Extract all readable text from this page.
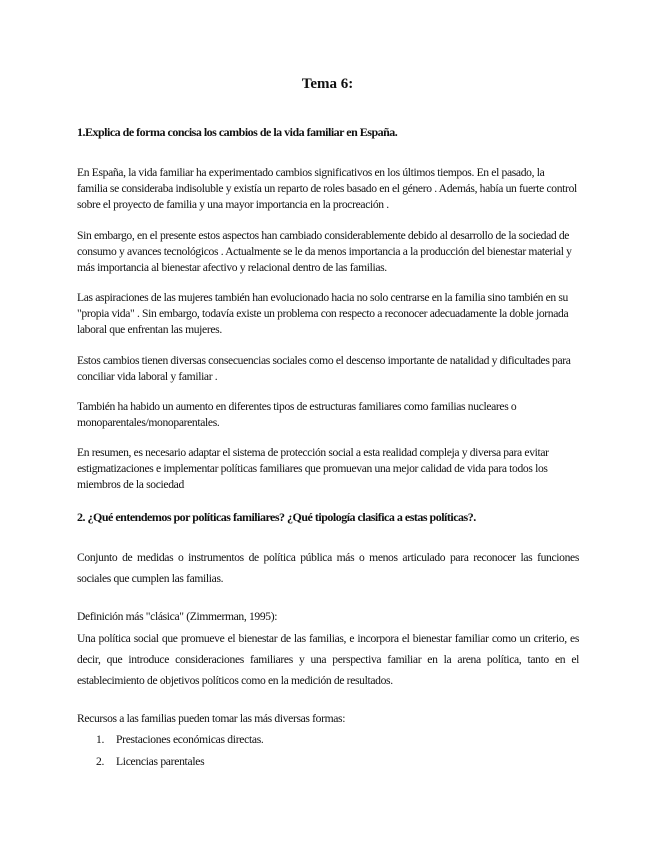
Tema 6:
1.Explica de forma concisa los cambios de la vida familiar en España.

En España, la vida familiar ha experimentado cambios significativos en los últimos tiempos. En el pasado, la familia se consideraba indisoluble y existía un reparto de roles basado en el género . Además, había un fuerte control sobre el proyecto de familia y una mayor importancia en la procreación .

Sin embargo, en el presente estos aspectos han cambiado considerablemente debido al desarrollo de la sociedad de consumo y avances tecnológicos . Actualmente se le da menos importancia a la producción del bienestar material y más importancia al bienestar afectivo y relacional dentro de las familias.

Las aspiraciones de las mujeres también han evolucionado hacia no solo centrarse en la familia sino también en su "propia vida" . Sin embargo, todavía existe un problema con respecto a reconocer adecuadamente la doble jornada laboral que enfrentan las mujeres.

Estos cambios tienen diversas consecuencias sociales como el descenso importante de natalidad y dificultades para conciliar vida laboral y familiar .

También ha habido un aumento en diferentes tipos de estructuras familiares como familias nucleares o monoparentales/monoparentales.

En resumen, es necesario adaptar el sistema de protección social a esta realidad compleja y diversa para evitar estigmatizaciones e implementar políticas familiares que promuevan una mejor calidad de vida para todos los miembros de la sociedad

2. ¿Qué entendemos por políticas familiares? ¿Qué tipología clasifica a estas políticas?.

Conjunto de medidas o instrumentos de política pública más o menos articulado para reconocer las funciones sociales que cumplen las familias.

Definición más "clásica" (Zimmerman, 1995):

Una política social que promueve el bienestar de las familias, e incorpora el bienestar familiar como un criterio, es decir, que introduce consideraciones familiares y una perspectiva familiar en la arena política, tanto en el establecimiento de objetivos políticos como en la medición de resultados.

Recursos a las familias pueden tomar las más diversas formas:

1.	Prestaciones económicas directas.
2.	Licencias parentales
